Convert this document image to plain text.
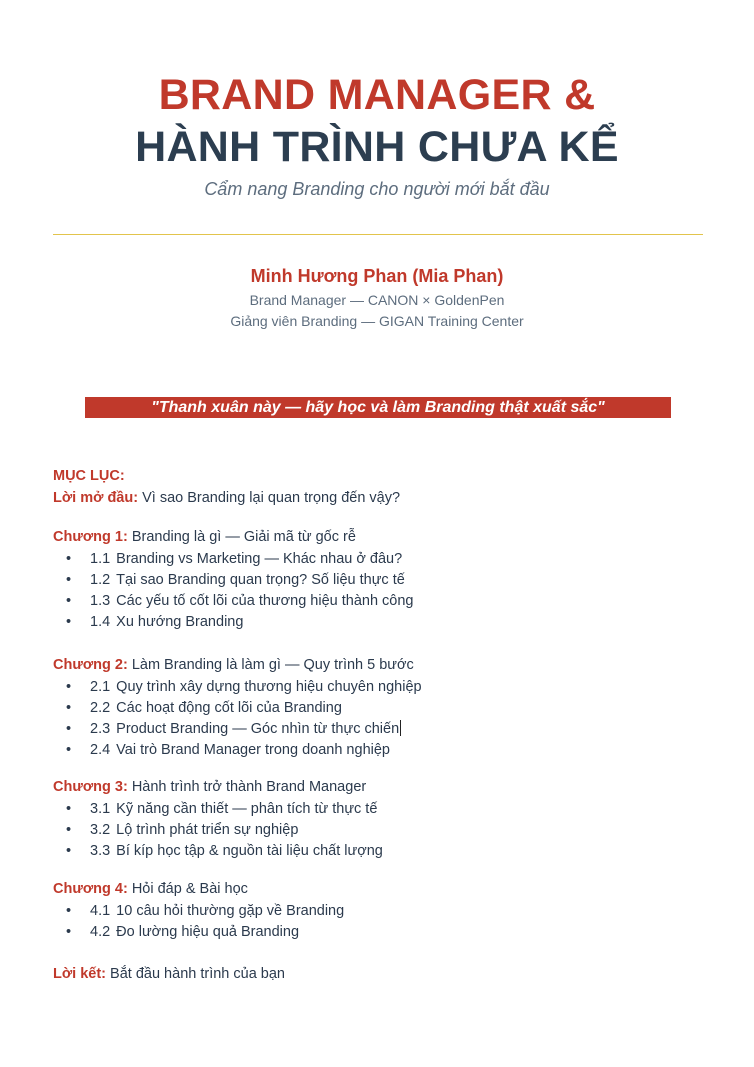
BRAND MANAGER &
HÀNH TRÌNH CHƯA KỂ
Cẩm nang Branding cho người mới bắt đầu
Minh Hương Phan (Mia Phan)
Brand Manager — CANON × GoldenPen
Giảng viên Branding — GIGAN Training Center
"Thanh xuân này — hãy học và làm Branding thật xuất sắc"
MỤC LỤC:
Lời mở đầu: Vì sao Branding lại quan trọng đến vậy?
Chương 1: Branding là gì — Giải mã từ gốc rễ
• 1.1 Branding vs Marketing — Khác nhau ở đâu?
• 1.2 Tại sao Branding quan trọng? Số liệu thực tế
• 1.3 Các yếu tố cốt lõi của thương hiệu thành công
• 1.4 Xu hướng Branding
Chương 2: Làm Branding là làm gì — Quy trình 5 bước
• 2.1 Quy trình xây dựng thương hiệu chuyên nghiệp
• 2.2 Các hoạt động cốt lõi của Branding
• 2.3 Product Branding — Góc nhìn từ thực chiến
• 2.4 Vai trò Brand Manager trong doanh nghiệp
Chương 3: Hành trình trở thành Brand Manager
• 3.1 Kỹ năng cần thiết — phân tích từ thực tế
• 3.2 Lộ trình phát triển sự nghiệp
• 3.3 Bí kíp học tập & nguồn tài liệu chất lượng
Chương 4: Hỏi đáp & Bài học
• 4.1 10 câu hỏi thường gặp về Branding
• 4.2 Đo lường hiệu quả Branding
Lời kết: Bắt đầu hành trình của bạn
